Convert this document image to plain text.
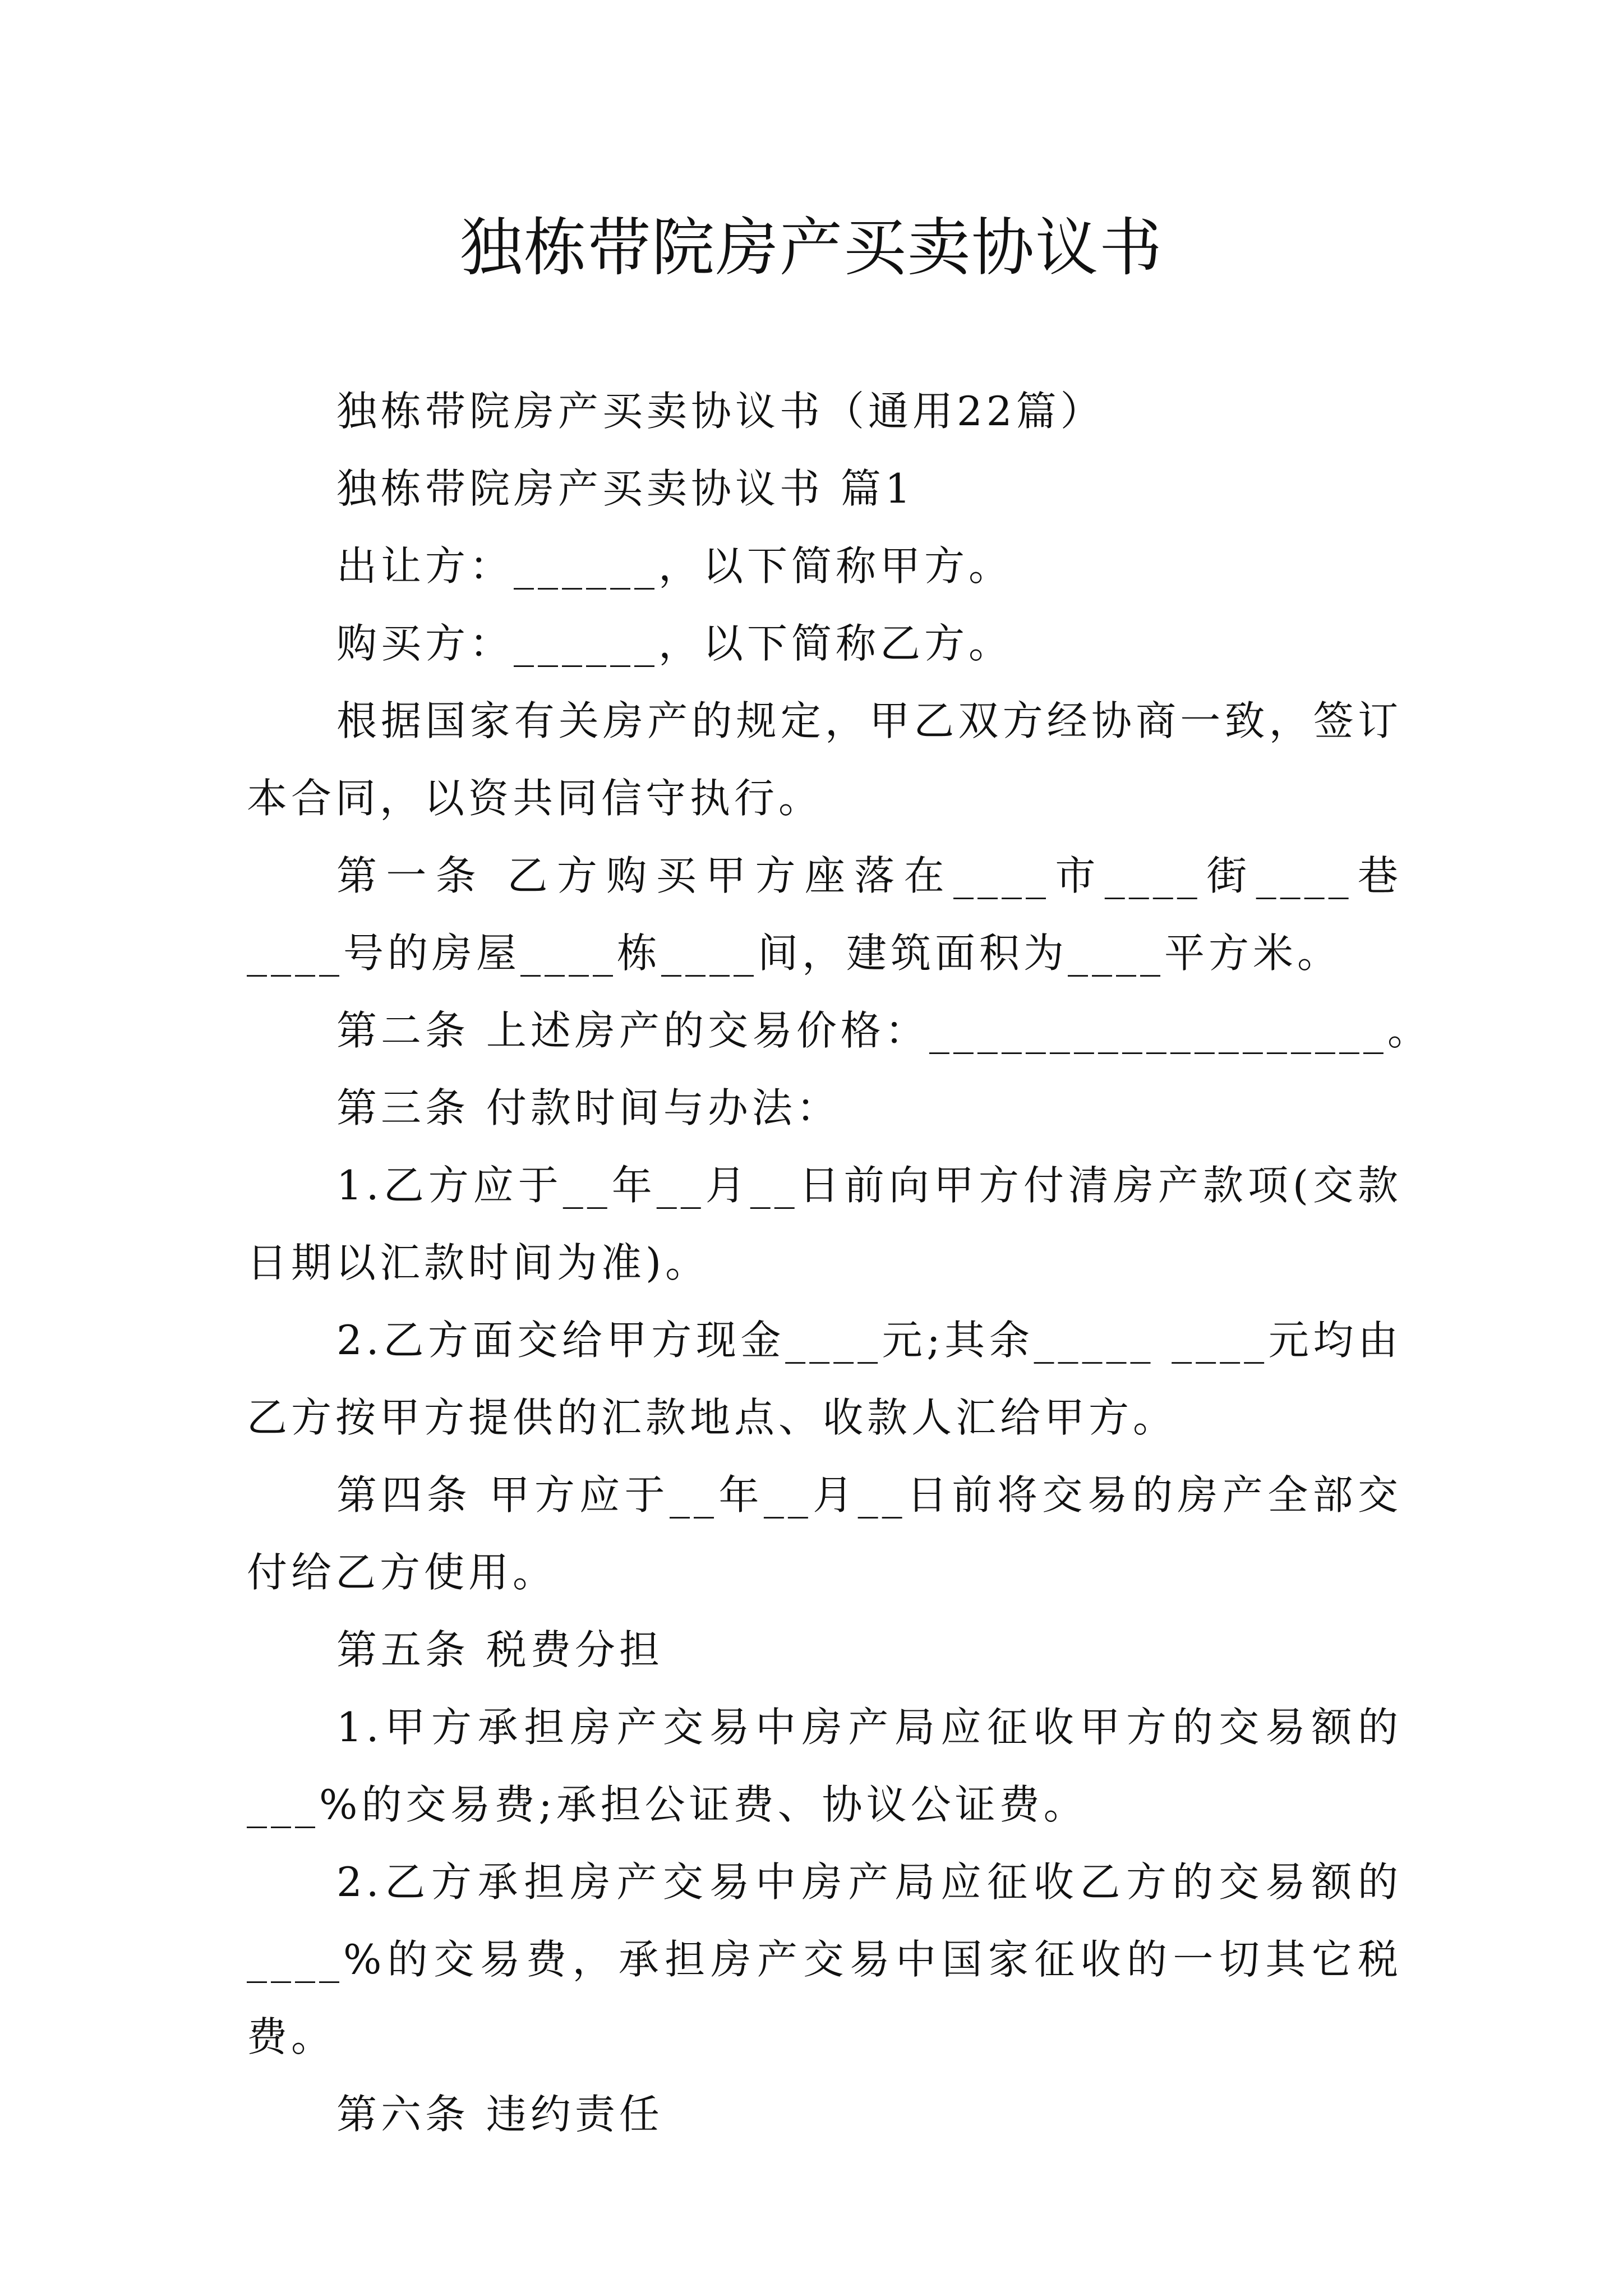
独栋带院房产买卖协议书

独栋带院房产买卖协议书（通用22篇）

独栋带院房产买卖协议书 篇1

出让方：______，以下简称甲方。

购买方：______，以下简称乙方。

根据国家有关房产的规定，甲乙双方经协商一致，签订本合同，以资共同信守执行。

第一条 乙方购买甲方座落在____市____街____巷____号的房屋____栋____间，建筑面积为____平方米。

第二条 上述房产的交易价格：___________________。

第三条 付款时间与办法：

1.乙方应于__年__月__日前向甲方付清房产款项(交款日期以汇款时间为准)。

2.乙方面交给甲方现金____元;其余_____ ____元均由乙方按甲方提供的汇款地点、收款人汇给甲方。

第四条 甲方应于__年__月__日前将交易的房产全部交付给乙方使用。

第五条 税费分担

1.甲方承担房产交易中房产局应征收甲方的交易额的___%的交易费;承担公证费、协议公证费。

2.乙方承担房产交易中房产局应征收乙方的交易额的____%的交易费，承担房产交易中国家征收的一切其它税费。

第六条 违约责任
